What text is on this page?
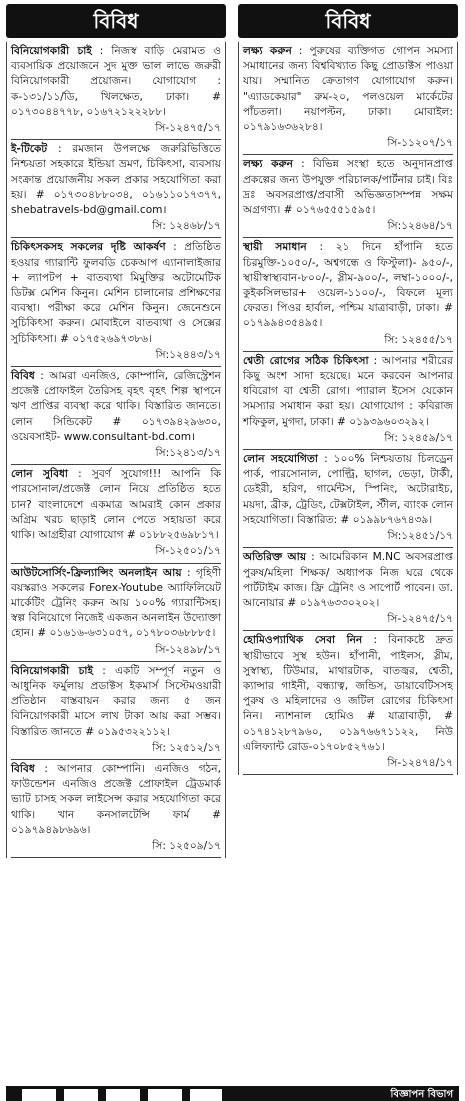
বিবিধ
বিনিয়োগকারী চাই : নিজস্ব বাড়ি মেরামত ও ব্যবসায়িক প্রয়োজনে সুদ মুক্ত ভাল লাভে জরুরী বিনিয়োগকারী প্রয়োজন। যোগাযোগ : ক-১৩১/১১/ডি, খিলক্ষেত, ঢাকা। # ০১৭৩০৪৪৭৭৮, ০১৬৭২১২২২৮৮।
সি-১২৪৭৫/১৭
ই-টিকেট : রমজান উপলক্ষে জরুরিভিত্তিতে নিশ্চয়তা সহকারে ইন্ডিয়া ভ্রমণ, চিকিৎসা, ব্যবসায় সংক্রান্ত প্রয়োজনীয় সকল প্রকার সহযোগিতা করা হয়। # ০১৭৩০৪৮৮০৩৪, ০১৬১১০১৭৩৭৭, shebatravels-bd@gmail.com।
সি: ১২৪৬৮/১৭
চিকিৎসকসহ সকলের দৃষ্টি আকর্ষণ : প্রতিষ্ঠিত হওয়ার গ্যারান্টি ফুলবডি চেকআপ এ্যানালাইজার + ল্যাপটপ + বাতব্যথা মিমুক্তির অটোমেটিক ডিটক্স মেশিন কিনুন। মেশিন চালানোর প্রশিক্ষণের ব্যবস্থা। পরীক্ষা করে মেশিন কিনুন। জেনেশুনে সুচিকিৎসা করুন। মোবাইলে বাতব্যথা ও সেক্সের সুচিকিৎসা। # ০১৭৫২৬৯৭৩৮৬।
সি:১২৪৪৩/১৭
বিবিধ : আমরা এনজিও, কোম্পানি, রেজিস্ট্রেশন প্রজেক্ট প্রোফাইল তৈরিসহ বৃহৎ বৃহৎ শিল্প স্থাপনে ঋণ প্রাপ্তির ব্যবস্থা করে থাকি। বিস্তারিত জানতে। লোন সিন্ডিকেট # ০১৭৩৯৪২৯৬৩০, ওয়েবসাইট- www.consultant-bd.com।
সি:১২৪১৩/১৭
লোন সুবিধা : সুবর্ণ সুযোগ!!! আপনি কি পারসোনাল/প্রজেক্ট লোন নিয়ে প্রতিষ্ঠিত হতে চান? বাংলাদেশে একমাত্র আমরাই কোন প্রকার অগ্রিম খরচ ছাড়াই লোন পেতে সহায়তা করে থাকি। আগ্রহীরা যোগাযোগ # ০১৮৮২৫৬৯৮১৭।
সি-১২৫০১/১৭
আউটসোর্সিং-ফ্রিল্যান্সিং অনলাইন আয় : গৃহিণী বয়স্করাও সকলের Forex-Youtube অ্যাফিলিয়েট মার্কেটিং ট্রেনিং করুন আয় ১০০% গ্যারান্টিসহ। স্বল্প বিনিয়োগে নিজেই একজন অনলাইন উদ্যোক্তা হোন। # ০১৬১৬-৬৩১০৫৭, ০১৭৮০৩৬৮৮৮৫।
সি-১২৪৯৮/১৭
বিনিয়োগকারী চাই : একটি সম্পূর্ণ নতুন ও আধুনিক ফর্মুলায় প্রডাক্টস ইকমার্স সিস্টেমওয়ারী প্রতিষ্ঠান বাস্তবায়ন করার জন্য ৫ জন বিনিয়োগকারী মাসে লাখ টাকা আয় করা সম্ভব। বিস্তারিত জানতে # ০১৯৫৩২২১১২।
সি: ১২৫১২/১৭
বিবিধ : আপনার কোম্পানি। এনজিও গঠন, ফাউন্ডেশন এনজিও প্রজেক্ট প্রোফাইল ট্রেডমার্ক ভ্যাট চাসহ সকল লাইসেন্স করার সহযোগিতা করে থাকি। খান কনসালটেন্সি ফার্ম # ০১৯৭৯৪৯৮৬৯৬।
সি: ১২৫০৯/১৭
বিবিধ
লক্ষ্য করুন : পুরুষের ব্যক্তিগত গোপন সমস্যা সমাধানের জন্য বিশ্ববিখ্যাত কিছু প্রোডাক্টস পাওয়া যায়। সম্মানিত ক্রেতাগণ যোগাযোগ করুন। "এ্যাডকেয়ার" রুম-২০, পলওয়েল মার্কেটের পাঁচতলা। নয়াপল্টন, ঢাকা। মোবাইল: ০১৭৯১৬৩৬২৮৪।
সি-১১২০৭/১৭
লক্ষ্য করুন : বিভিন্ন সংস্থা হতে অনুদানপ্রাপ্ত প্রকল্পের জন্য উপযুক্ত পরিচালক/পার্টনার চাই। বিঃ দ্রঃ অবসরপ্রাপ্ত/প্রবাসী অভিজ্ঞতাসম্পন্ন সক্ষম অগ্রগণ্য। # ০১৭৬৫৫৫১৫৯৫।
সি:১২৪৬৪/১৭
স্থায়ী সমাধান : ২১ দিনে হাঁপানি হতে চিরমুক্তি-১০৫০/-, অশ্বগন্ধে ও ফিস্টুলা)- ৯৫০/-, স্থায়ীস্বাস্থ্যবান-৮০০/-, স্লীম-৯০০/-, লম্বা-১০০০/-, কুইকসিলভার+ ওয়েল-১১০০/-, বিফলে মূল্য ফেরত। পিওর হার্বাল, পশ্চিম যাত্রাবাড়ী, ঢাকা। # ০১৭৯৯৪৩৫৪৯৫।
সি: ১২৪৫৫/১৭
শ্বেতী রোগের সঠিক চিকিৎসা : আপনার শরীরের কিছু অংশ সাদা হয়েছে। মনে করবেন আপনার ধবিরোগ বা শ্বেতী রোগ। প্যারাল ইসেস যেকোন সমস্যার সমাধান করা হয়। যোগাযোগ : কবিরাজ শফিকুল, মুগদা, ঢাকা। # ০১৯৩৯৬০৩২৯২।
সি: ১২৪৫৯/১৭
লোন সহযোগিতা : ১০০% নিশ্চয়তায় চিলড্রেন পার্ক, পারসোনাল, পোল্ট্রি, ছাগল, ভেড়া, টার্কী, ডেইরী, হরিণ, গার্মেন্টস, স্পিনিং, অটোরাইচ, ময়দা, ব্রীক, ট্রেডিং, টেক্সটাইল, স্টীল, ব্যাংক লোন সহযোগিতা। বিস্তারিত: # ০১৯৯৮৭৬৭৪৩৯।
সি:১২৪৫১/১৭
অতিরিক্ত আয় : আমেরিকান M.NC অবসরপ্রাপ্ত পুরুষ/মহিলা শিক্ষক/ অধ্যাপক নিজ ঘরে থেকে পার্টটাইম কাজ। ফ্রি ট্রেনিং ও সাপোর্ট পাবেন। ডা. আনোয়ার # ০১৯৭৬৩৩০২০২।
সি-১২৪৭৫/১৭
হোমিওপ্যাথিক সেবা নিন : বিনাকষ্টে দ্রুত স্থায়ীভাবে সুস্থ হউন। হাঁপানী, পাইলস, স্লীম, সুস্বাস্থ্য, টিউমার, মাথারটাক, বাতজ্বর, শ্বেতী, ক্যান্সার গাইনী, বন্ধ্যাত্ব, জন্ডিস, ডায়াবেটিসসহ পুরুষ ও মহিলাদের ও জটিল রোগের চিকিৎসা নিন। ন্যাশনাল হোমিও # যাত্রাবাড়ী, # ০১৭৪১২৮৭৯৬০, ০১৯৭৬৬৭১১২২, নিউ এলিফ্যান্ট রোড-০১৭০৮৫২৭৬১।
সি-১২৪৭৪/১৭
বিজ্ঞাপন বিভাগ
